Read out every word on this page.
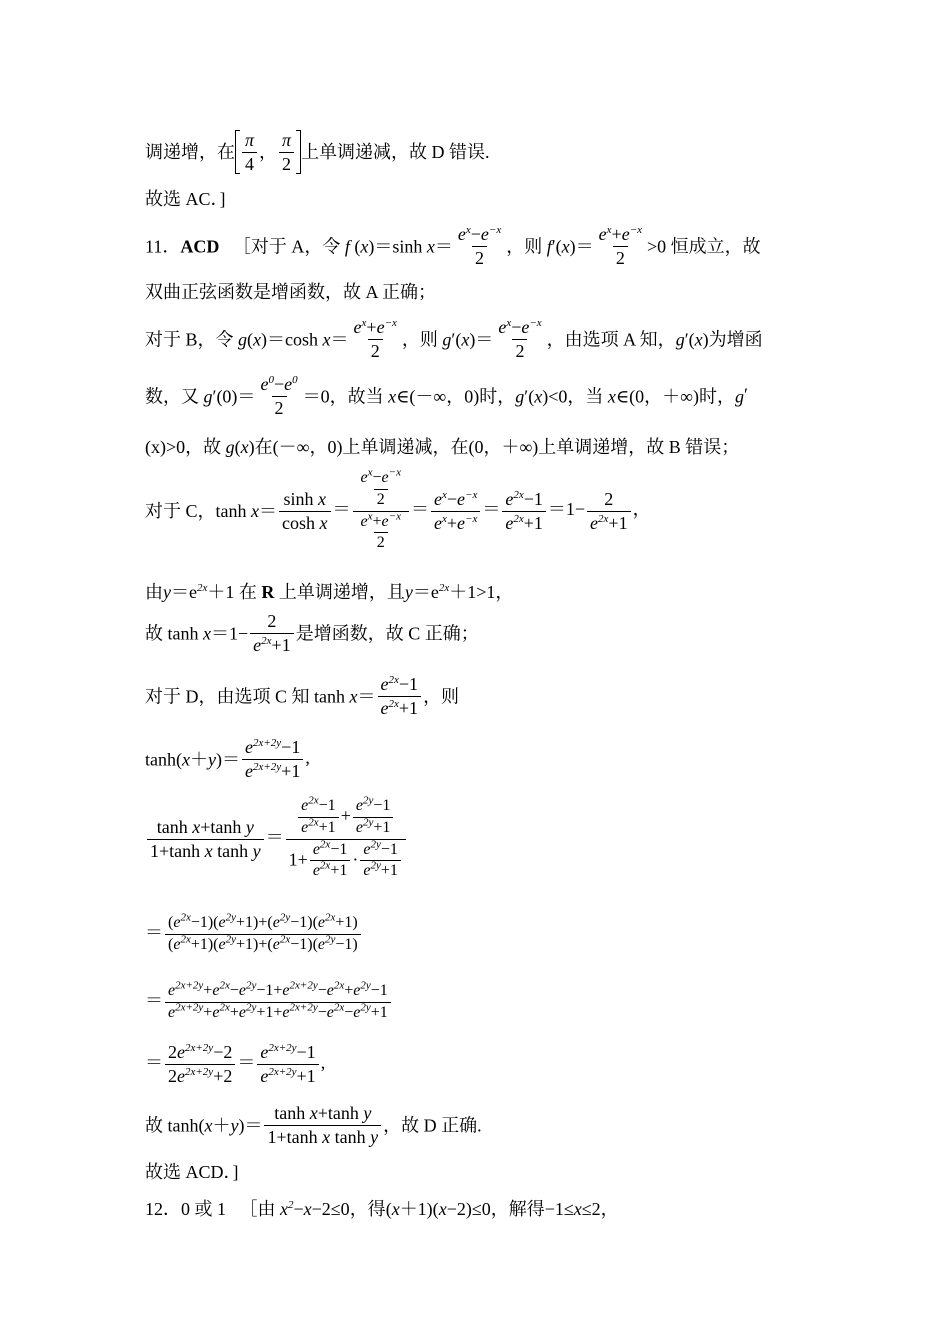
调递增，在 $\frac{\pi}{4}$ ， $\frac{\pi}{2}$ 上单调递减，故 D 错误.
故选 AC．]
11．ACD ［对于 A，令 f (x)＝sinh $x= \frac{e^x-e^{-x}}{2}$ ，则 $f'(x)= \frac{e^x+e^{-x}}{2} >0$ 恒成立，故
双曲正弦函数是增函数，故 A 正确；
对于 B，令 g(x)＝cosh $x= \frac{e^x+e^{-x}}{2}$ ，则 $g'(x)= \frac{e^x-e^{-x}}{2}$ ，由选项 A 知，g′(x)为增函
数，又 $g'(0)= \frac{e^0-e^0}{2} =0$，故当 x∈(－∞，0)时，g′(x)<0，当 x∈(0，＋∞)时，g′
(x)>0，故 g(x)在(－∞，0)上单调递减，在(0，＋∞)上单调递增，故 B 错误；
对于 C，$\tanh x= \frac{\text{sinh x}}{\text{cosh x}} = \frac{\frac{e^x-e^{-x}}{2}}{\frac{e^x+e^{-x}}{2}} = \frac{e^x-e^{-x}}{e^x+e^{-x}} = \frac{e^{2x}-1}{e^{2x}+1} =1- \frac{2}{e^{2x}+1}$ ，
由$y=e^{2x}+1$ 在 R 上单调递增，且$y=e^{2x}+1>1$，
故 $\tanh x=1- \frac{2}{e^{2x}+1}$ 是增函数，故 C 正确；
对于 D，由选项 C 知 $\tanh x= \frac{e^{2x}-1}{e^{2x}+1}$ ，则
$\tanh(x+y)= \frac{e^{2x+2y}-1}{e^{2x+2y}+1}$ ,
$\frac{\text{tanh x+tanh y}}{\text{1+tanh x tanh y}} = \frac{\frac{e^{2x}-1}{e^{2x}+1} + \frac{e^{2y}-1}{e^{2y}+1}}{1+ \frac{e^{2x}-1}{e^{2x}+1} \cdot \frac{e^{2y}-1}{e^{2y}+1}}$
＝ $\frac{(e^{2x}-1)(e^{2y}+1)+(e^{2y}-1)(e^{2x}+1)}{(e^{2x}+1)(e^{2y}+1)+(e^{2x}-1)(e^{2y}-1)}$
＝ $\frac{e^{2x+2y}+e^{2x}-e^{2y}-1+e^{2x+2y}-e^{2x}+e^{2y}-1}{e^{2x+2y}+e^{2x}+e^{2y}+1+e^{2x+2y}-e^{2x}-e^{2y}+1}$
＝ $\frac{2e^{2x+2y}-2}{2e^{2x+2y}+2} = \frac{e^{2x+2y}-1}{e^{2x+2y}+1}$ ,
故 $\tanh(x+y)= \frac{\text{tanh x+tanh y}}{\text{1+tanh x tanh y}}$ ，故 D 正确.
故选 ACD．]
12．0 或 1 ［由 $x^2-x-2\le 0$，得(x＋1)(x−2)≤0，解得−1≤x≤2，
